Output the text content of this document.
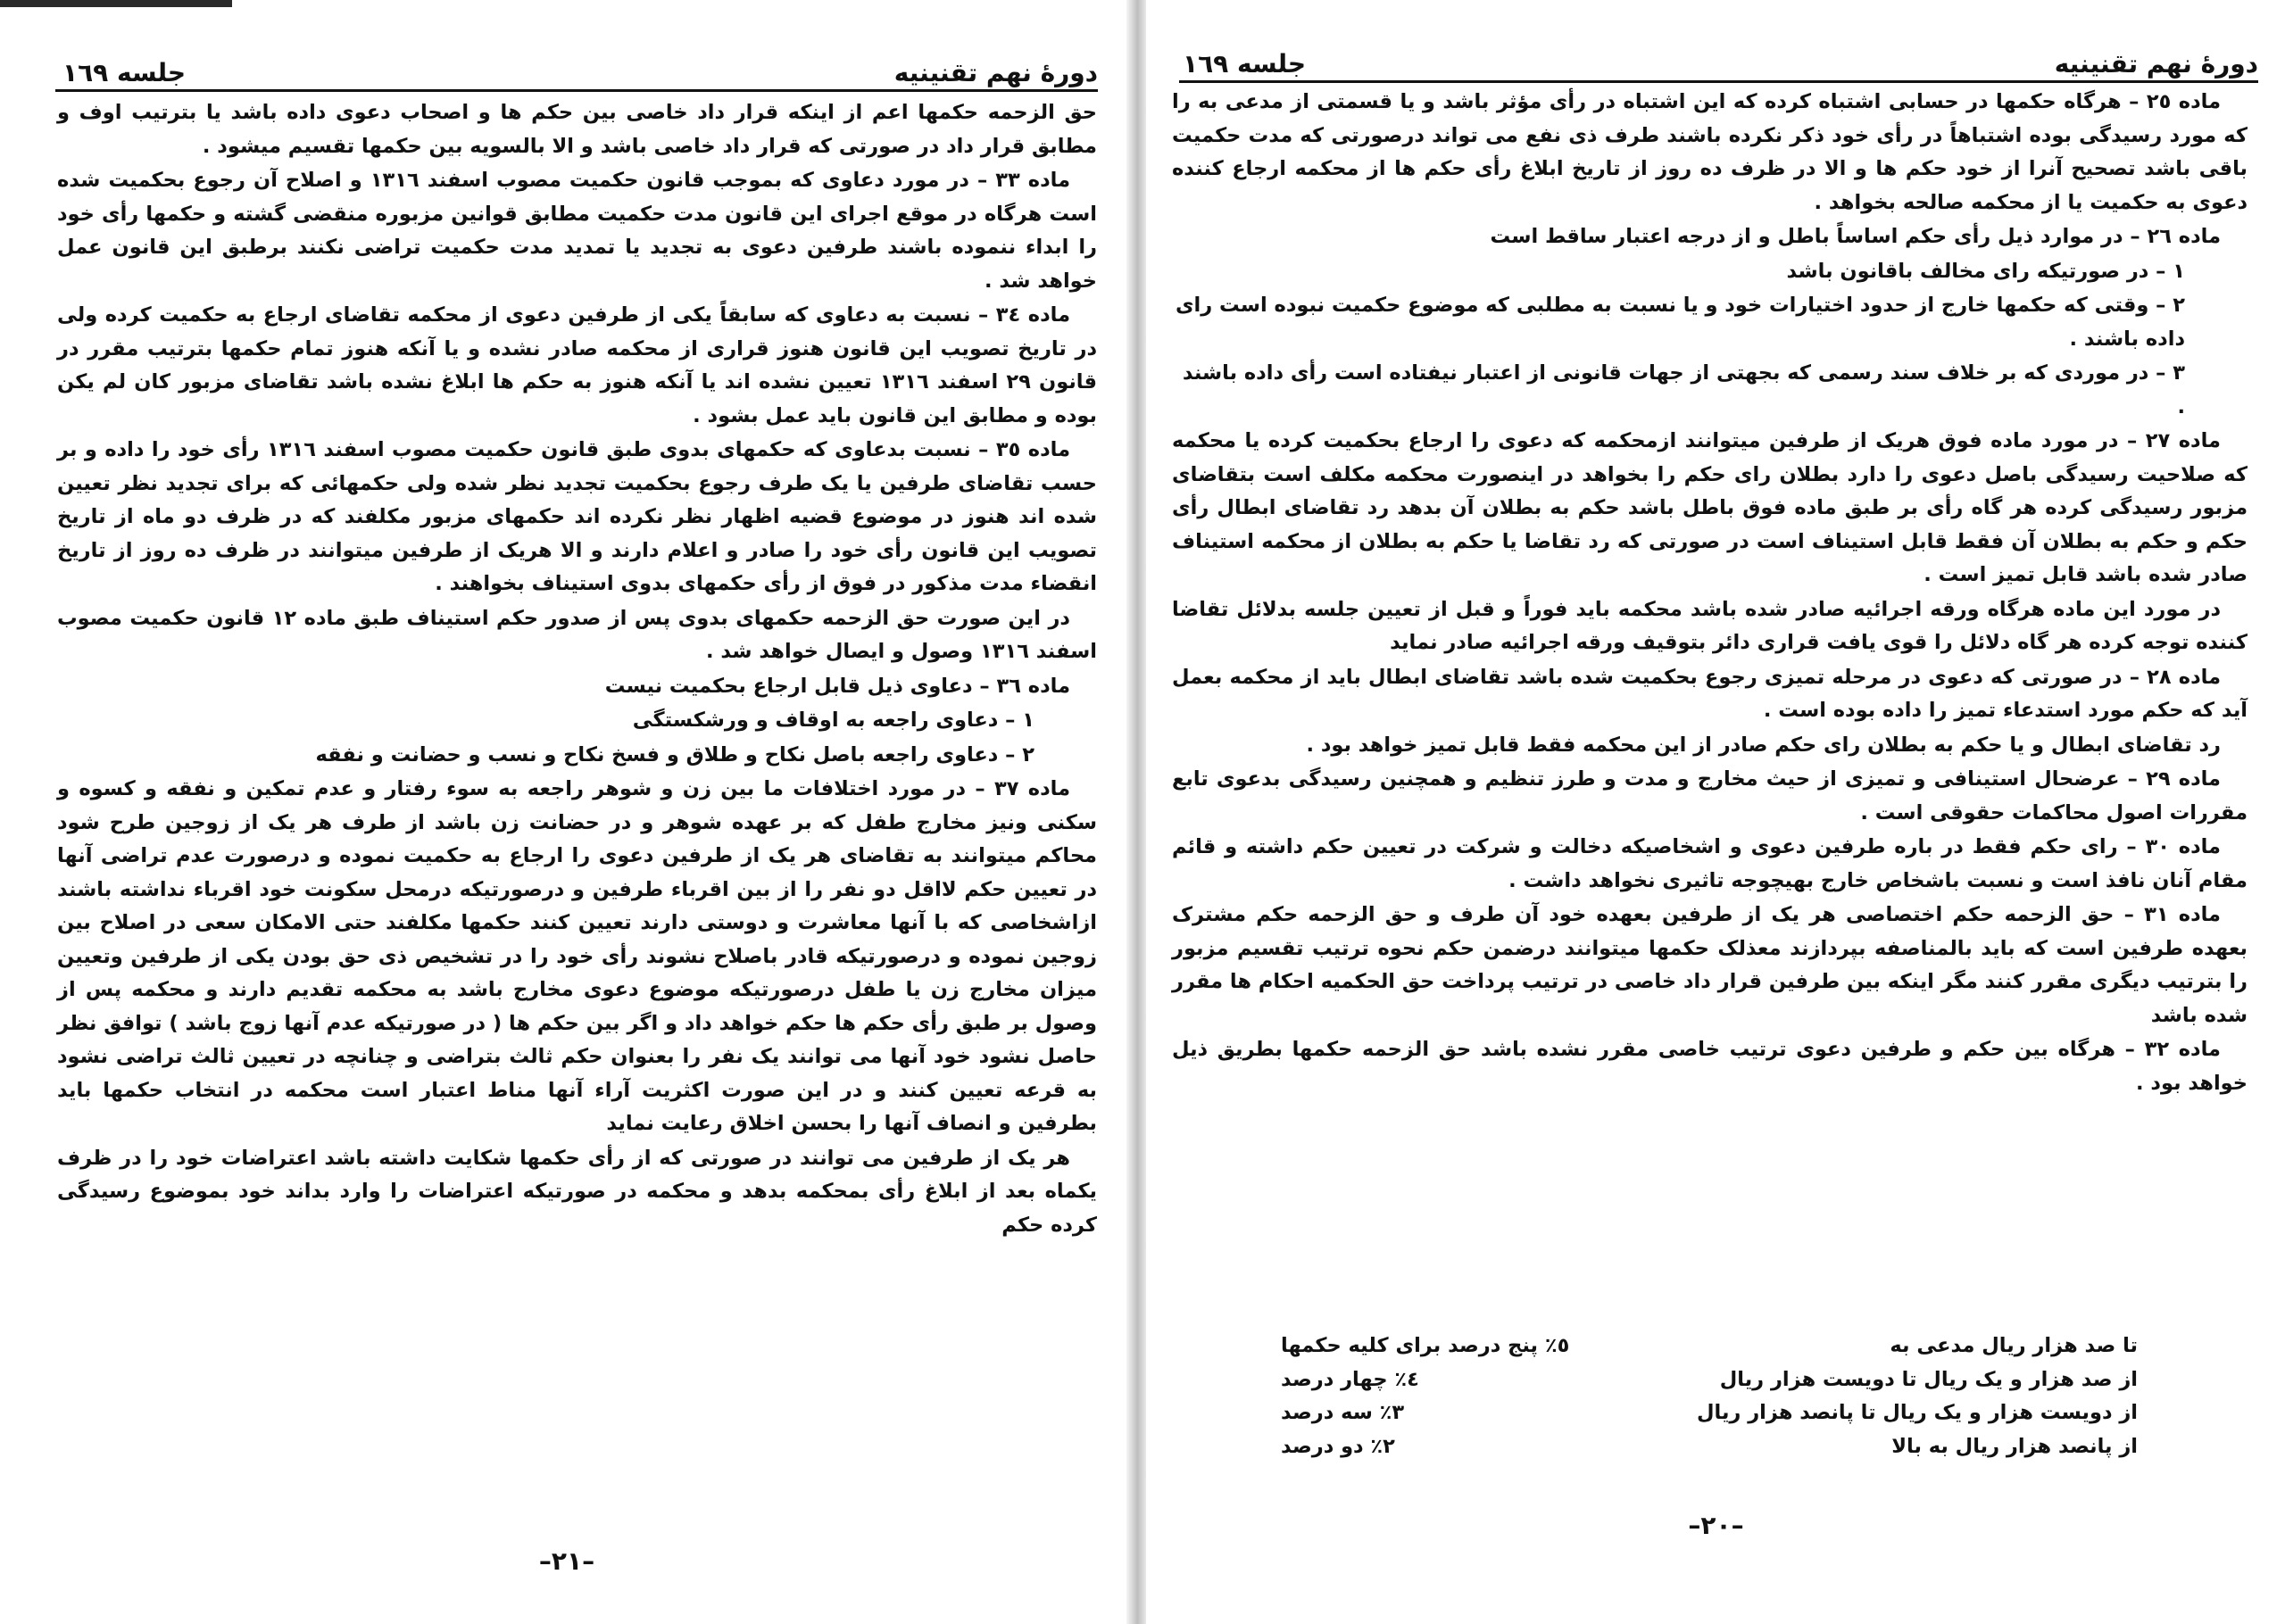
دورهٔ نهم تقنینیه
جلسه ١٦٩

حق الزحمه حکمها اعم از اینکه قرار داد خاصی بین حکم ها و اصحاب دعوی داده باشد یا بترتیب اوف و مطابق قرار داد در صورتی که قرار داد خاصی باشد و الا بالسویه بین حکمها تقسیم میشود .

ماده ٣٣ – در مورد دعاوی که بموجب قانون حکمیت مصوب اسفند ١٣١٦ و اصلاح آن رجوع بحکمیت شده است هرگاه در موقع اجرای این قانون مدت حکمیت مطابق قوانین مزبوره منقضی گشته و حکمها رأی خود را ابداء ننموده باشند طرفین دعوی به تجدید یا تمدید مدت حکمیت تراضی نکنند برطبق این قانون عمل خواهد شد .

ماده ٣٤ – نسبت به دعاوی که سابقاً یکی از طرفین دعوی از محکمه تقاضای ارجاع به حکمیت کرده ولی در تاریخ تصویب این قانون هنوز قراری از محکمه صادر نشده و یا آنکه هنوز تمام حکمها بترتیب مقرر در قانون ٢٩ اسفند ١٣١٦ تعیین نشده اند یا آنکه هنوز به حکم ها ابلاغ نشده باشد تقاضای مزبور کان لم یکن بوده و مطابق این قانون باید عمل بشود .

ماده ٣٥ – نسبت بدعاوی که حکمهای بدوی طبق قانون حکمیت مصوب اسفند ١٣١٦ رأی خود را داده و بر حسب تقاضای طرفین یا یک طرف رجوع بحکمیت تجدید نظر شده ولی حکمهائی که برای تجدید نظر تعیین شده اند هنوز در موضوع قضیه اظهار نظر نکرده اند حکمهای مزبور مکلفند که در ظرف دو ماه از تاریخ تصویب این قانون رأی خود را صادر و اعلام دارند و الا هریک از طرفین میتوانند در ظرف ده روز از تاریخ انقضاء مدت مذکور در فوق از رأی حکمهای بدوی استیناف بخواهند .

در این صورت حق الزحمه حکمهای بدوی پس از صدور حکم استیناف طبق ماده ١٢ قانون حکمیت مصوب اسفند ١٣١٦ وصول و ایصال خواهد شد .

ماده ٣٦ – دعاوی ذیل قابل ارجاع بحکمیت نیست

١ – دعاوی راجعه به اوقاف و ورشکستگی

٢ – دعاوی راجعه باصل نکاح و طلاق و فسخ نکاح و نسب و حضانت و نفقه

ماده ٣٧ – در مورد اختلافات ما بین زن و شوهر راجعه به سوء رفتار و عدم تمکین و نفقه و کسوه و سکنی ونیز مخارج طفل که بر عهده شوهر و در حضانت زن باشد از طرف هر یک از زوجین طرح شود محاکم میتوانند به تقاضای هر یک از طرفین دعوی را ارجاع به حکمیت نموده و درصورت عدم تراضی آنها در تعیین حکم لااقل دو نفر را از بین اقرباء طرفین و درصورتیکه درمحل سکونت خود اقرباء نداشته باشند ازاشخاصی که با آنها معاشرت و دوستی دارند تعیین کنند حکمها مکلفند حتی الامکان سعی در اصلاح بین زوجین نموده و درصورتیکه قادر باصلاح نشوند رأی خود را در تشخیص ذی حق بودن یکی از طرفین وتعیین میزان مخارج زن یا طفل درصورتیکه موضوع دعوی مخارج باشد به محکمه تقدیم دارند و محکمه پس از وصول بر طبق رأی حکم ها حکم خواهد داد و اگر بین حکم ها ( در صورتیکه عدم آنها زوج باشد ) توافق نظر حاصل نشود خود آنها می توانند یک نفر را بعنوان حکم ثالث بتراضی و چنانچه در تعیین ثالث تراضی نشود به قرعه تعیین کنند و در این صورت اکثریت آراء آنها مناط اعتبار است محکمه در انتخاب حکمها باید بطرفین و انصاف آنها را بحسن اخلاق رعایت نماید

هر یک از طرفین می توانند در صورتی که از رأی حکمها شکایت داشته باشد اعتراضات خود را در ظرف یکماه بعد از ابلاغ رأی بمحکمه بدهد و محکمه در صورتیکه اعتراضات را وارد بداند خود بموضوع رسیدگی کرده حکم

–٢١–
دورهٔ نهم تقنینیه
جلسه ١٦٩

ماده ٢٥ – هرگاه حکمها در حسابی اشتباه کرده که این اشتباه در رأی مؤثر باشد و یا قسمتی از مدعی به را که مورد رسیدگی بوده اشتباهاً در رأی خود ذکر نکرده باشند طرف ذی نفع می تواند درصورتی که مدت حکمیت باقی باشد تصحیح آنرا از خود حکم ها و الا در ظرف ده روز از تاریخ ابلاغ رأی حکم ها از محکمه ارجاع کننده دعوی به حکمیت یا از محکمه صالحه بخواهد .

ماده ٢٦ – در موارد ذیل رأی حکم اساساً باطل و از درجه اعتبار ساقط است

١ – در صورتیکه رای مخالف باقانون باشد

٢ – وقتی که حکمها خارج از حدود اختیارات خود و یا نسبت به مطلبی که موضوع حکمیت نبوده است رای داده باشند .

٣ – در موردی که بر خلاف سند رسمی که بجهتی از جهات قانونی از اعتبار نیفتاده است رأی داده باشند .

ماده ٢٧ – در مورد ماده فوق هریک از طرفین میتوانند ازمحکمه که دعوی را ارجاع بحکمیت کرده یا محکمه که صلاحیت رسیدگی باصل دعوی را دارد بطلان رای حکم را بخواهد در اینصورت محکمه مکلف است بتقاضای مزبور رسیدگی کرده هر گاه رأی بر طبق ماده فوق باطل باشد حکم به بطلان آن بدهد رد تقاضای ابطال رأی حکم و حکم به بطلان آن فقط قابل استیناف است در صورتی که رد تقاضا یا حکم به بطلان از محکمه استیناف صادر شده باشد قابل تمیز است .

در مورد این ماده هرگاه ورقه اجرائیه صادر شده باشد محکمه باید فوراً و قبل از تعیین جلسه بدلائل تقاضا کننده توجه کرده هر گاه دلائل را قوی یافت قراری دائر بتوقیف ورقه اجرائیه صادر نماید

ماده ٢٨ – در صورتی که دعوی در مرحله تمیزی رجوع بحکمیت شده باشد تقاضای ابطال باید از محکمه بعمل آید که حکم مورد استدعاء تمیز را داده بوده است .

رد تقاضای ابطال و یا حکم به بطلان رای حکم صادر از این محکمه فقط قابل تمیز خواهد بود .

ماده ٢٩ – عرضحال استینافی و تمیزی از حیث مخارج و مدت و طرز تنظیم و همچنین رسیدگی بدعوی تابع مقررات اصول محاکمات حقوقی است .

ماده ٣٠ – رای حکم فقط در باره طرفین دعوی و اشخاصیکه دخالت و شرکت در تعیین حکم داشته و قائم مقام آنان نافذ است و نسبت باشخاص خارج بهیچوجه تاثیری نخواهد داشت .

ماده ٣١ – حق الزحمه حکم اختصاصی هر یک از طرفین بعهده خود آن طرف و حق الزحمه حکم مشترک بعهده طرفین است که باید بالمناصفه بپردازند معذلک حکمها میتوانند درضمن حکم نحوه ترتیب تقسیم مزبور را بترتیب دیگری مقرر کنند مگر اینکه بین طرفین قرار داد خاصی در ترتیب پرداخت حق الحکمیه احکام ها مقرر شده باشد

ماده ٣٢ – هرگاه بین حکم و طرفین دعوی ترتیب خاصی مقرر نشده باشد حق الزحمه حکمها بطریق ذیل خواهد بود .

تا صد هزار ریال مدعی به
٥٪ پنج درصد برای کلیه حکمها
از صد هزار و یک ریال تا دویست هزار ریال
٤٪ چهار درصد
از دویست هزار و یک ریال تا پانصد هزار ریال
٣٪ سه درصد
از پانصد هزار ریال به بالا
٢٪ دو درصد
–٢٠–
